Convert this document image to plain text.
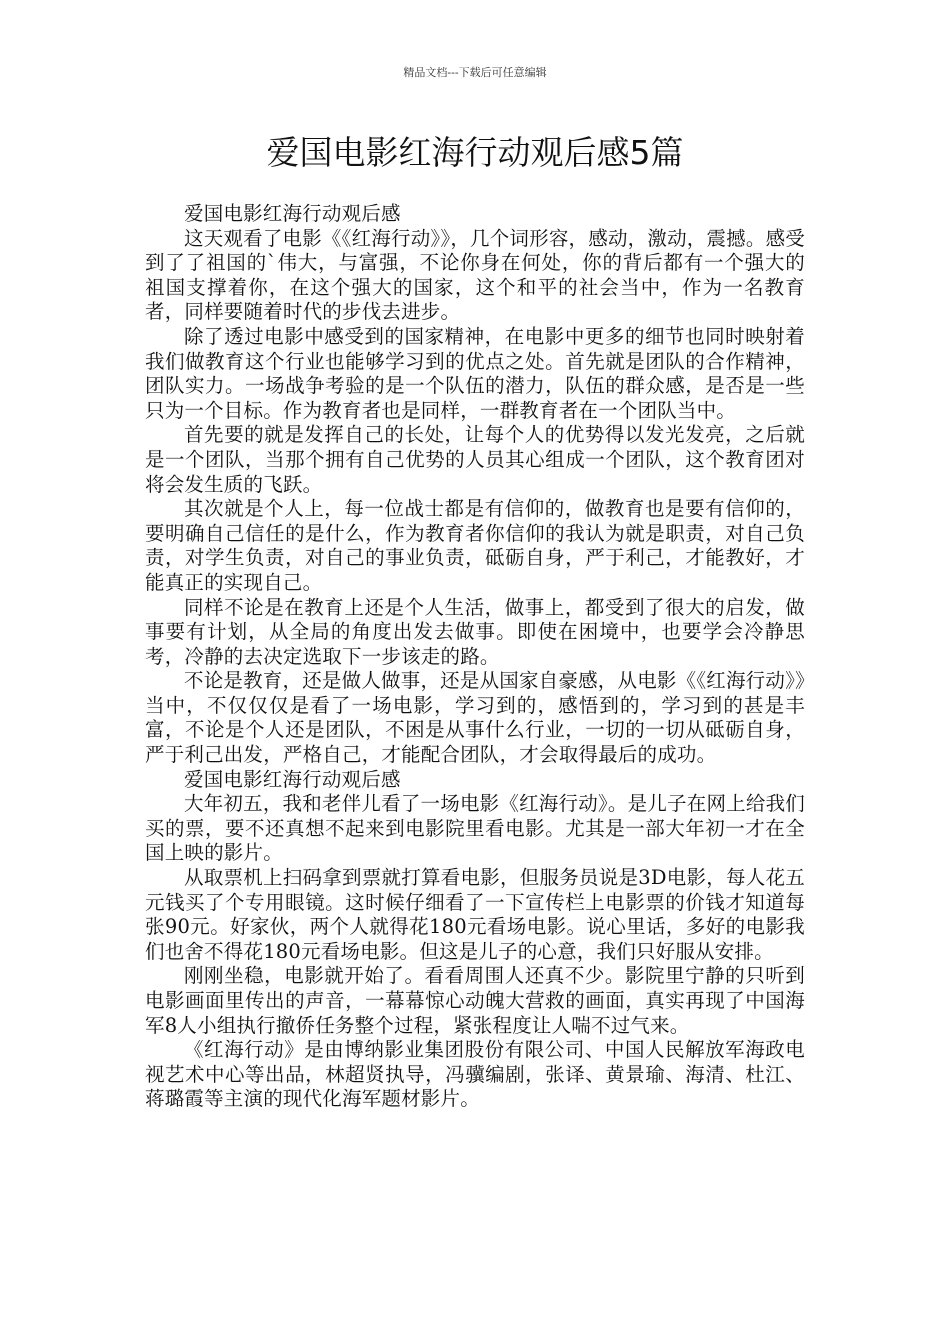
精品文档---下载后可任意编辑
爱国电影红海行动观后感5篇

爱国电影红海行动观后感

这天观看了电影《《红海行动》》，几个词形容，感动，激动，震撼。感受到了了祖国的`伟大，与富强，不论你身在何处，你的背后都有一个强大的祖国支撑着你，在这个强大的国家，这个和平的社会当中，作为一名教育者，同样要随着时代的步伐去进步。

除了透过电影中感受到的国家精神，在电影中更多的细节也同时映射着我们做教育这个行业也能够学习到的优点之处。首先就是团队的合作精神，团队实力。一场战争考验的是一个队伍的潜力，队伍的群众感，是否是一些只为一个目标。作为教育者也是同样，一群教育者在一个团队当中。

首先要的就是发挥自己的长处，让每个人的优势得以发光发亮，之后就是一个团队，当那个拥有自己优势的人员其心组成一个团队，这个教育团对将会发生质的飞跃。

其次就是个人上，每一位战士都是有信仰的，做教育也是要有信仰的，要明确自己信任的是什么，作为教育者你信仰的我认为就是职责，对自己负责，对学生负责，对自己的事业负责，砥砺自身，严于利己，才能教好，才能真正的实现自己。

同样不论是在教育上还是个人生活，做事上，都受到了很大的启发，做事要有计划，从全局的角度出发去做事。即使在困境中，也要学会冷静思考，冷静的去决定选取下一步该走的路。

不论是教育，还是做人做事，还是从国家自豪感，从电影《《红海行动》》当中，不仅仅仅是看了一场电影，学习到的，感悟到的，学习到的甚是丰富，不论是个人还是团队，不困是从事什么行业，一切的一切从砥砺自身，严于利己出发，严格自己，才能配合团队，才会取得最后的成功。

爱国电影红海行动观后感

大年初五，我和老伴儿看了一场电影《红海行动》。是儿子在网上给我们买的票，要不还真想不起来到电影院里看电影。尤其是一部大年初一才在全国上映的影片。

从取票机上扫码拿到票就打算看电影，但服务员说是3D电影，每人花五元钱买了个专用眼镜。这时候仔细看了一下宣传栏上电影票的价钱才知道每张90元。好家伙，两个人就得花180元看场电影。说心里话，多好的电影我们也舍不得花180元看场电影。但这是儿子的心意，我们只好服从安排。

刚刚坐稳，电影就开始了。看看周围人还真不少。影院里宁静的只听到电影画面里传出的声音，一幕幕惊心动魄大营救的画面，真实再现了中国海军8人小组执行撤侨任务整个过程，紧张程度让人喘不过气来。

《红海行动》是由博纳影业集团股份有限公司、中国人民解放军海政电视艺术中心等出品，林超贤执导，冯骥编剧，张译、黄景瑜、海清、杜江、蒋璐霞等主演的现代化海军题材影片。
